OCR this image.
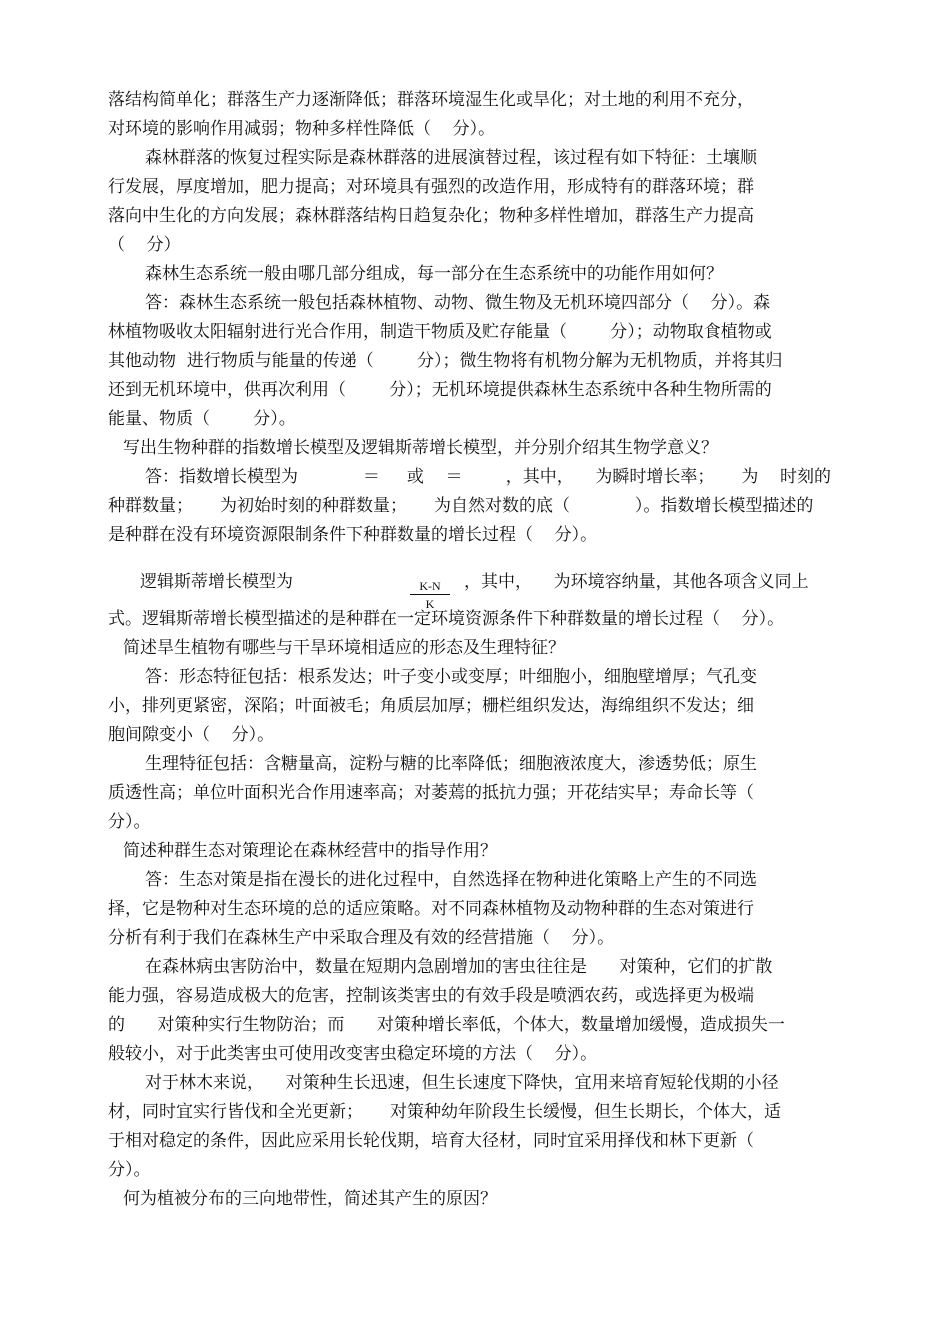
落结构简单化；群落生产力逐渐降低；群落环境湿生化或旱化；对土地的利用不充分，
对环境的影响作用减弱；物种多样性降低（    分）。
森林群落的恢复过程实际是森林群落的进展演替过程，该过程有如下特征：土壤顺
行发展，厚度增加，肥力提高；对环境具有强烈的改造作用，形成特有的群落环境；群
落向中生化的方向发展；森林群落结构日趋复杂化；物种多样性增加，群落生产力提高
（    分）
森林生态系统一般由哪几部分组成，每一部分在生态系统中的功能作用如何？
答：森林生态系统一般包括森林植物、动物、微生物及无机环境四部分（    分）。森
林植物吸收太阳辐射进行光合作用，制造干物质及贮存能量（        分）；动物取食植物或
其他动物  进行物质与能量的传递（        分）；微生物将有机物分解为无机物质，并将其归
还到无机环境中，供再次利用（        分）；无机环境提供森林生态系统中各种生物所需的
能量、物质（        分）。
写出生物种群的指数增长模型及逻辑斯蒂增长模型，并分别介绍其生物学意义？
答：指数增长模型为            ＝     或    ＝        ，其中，    为瞬时增长率；     为    时刻的
种群数量；     为初始时刻的种群数量；     为自然对数的底（            ）。指数增长模型描述的
是种群在没有环境资源限制条件下种群数量的增长过程（    分）。
逻辑斯蒂增长模型为	，其中，    为环境容纳量，其他各项含义同上
式。逻辑斯蒂增长模型描述的是种群在一定环境资源条件下种群数量的增长过程（    分）。
简述旱生植物有哪些与干旱环境相适应的形态及生理特征？
答：形态特征包括：根系发达；叶子变小或变厚；叶细胞小，细胞壁增厚；气孔变
小，排列更紧密，深陷；叶面被毛；角质层加厚；栅栏组织发达，海绵组织不发达；细
胞间隙变小（    分）。
生理特征包括：含糖量高，淀粉与糖的比率降低；细胞液浓度大，渗透势低；原生
质透性高；单位叶面积光合作用速率高；对萎蔫的抵抗力强；开花结实早；寿命长等（
分）。
简述种群生态对策理论在森林经营中的指导作用？
答：生态对策是指在漫长的进化过程中，自然选择在物种进化策略上产生的不同选
择，它是物种对生态环境的总的适应策略。对不同森林植物及动物种群的生态对策进行
分析有利于我们在森林生产中采取合理及有效的经营措施（    分）。
在森林病虫害防治中，数量在短期内急剧增加的害虫往往是      对策种，它们的扩散
能力强，容易造成极大的危害，控制该类害虫的有效手段是喷洒农药，或选择更为极端
的      对策种实行生物防治；而      对策种增长率低，个体大，数量增加缓慢，造成损失一
般较小，对于此类害虫可使用改变害虫稳定环境的方法（    分）。
对于林木来说，    对策种生长迅速，但生长速度下降快，宜用来培育短轮伐期的小径
材，同时宜实行皆伐和全光更新；     对策种幼年阶段生长缓慢，但生长期长，个体大，适
于相对稳定的条件，因此应采用长轮伐期，培育大径材，同时宜采用择伐和林下更新（
分）。
何为植被分布的三向地带性，简述其产生的原因？
K-N
K
